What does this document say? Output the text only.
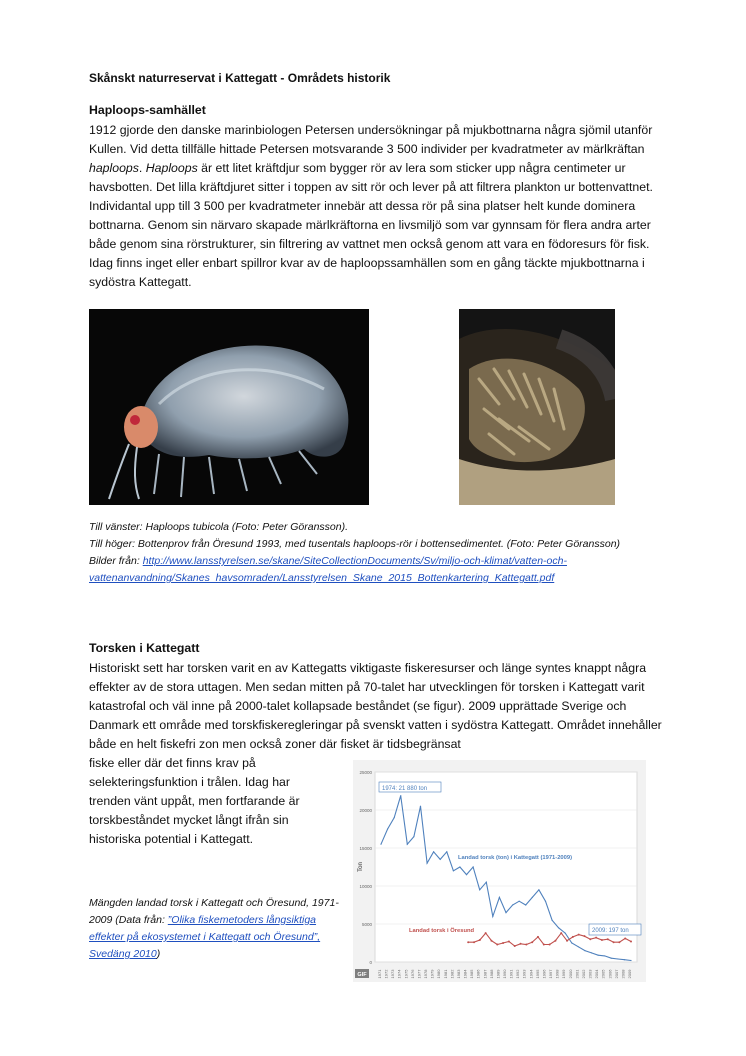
Skånskt naturreservat i Kattegatt - Områdets historik
Haploops-samhället

1912 gjorde den danske marinbiologen Petersen undersökningar på mjukbottnarna några sjömil utanför Kullen. Vid detta tillfälle hittade Petersen motsvarande 3 500 individer per kvadratmeter av märlkräftan haploops. Haploops är ett litet kräftdjur som bygger rör av lera som sticker upp några centimeter ur havsbotten. Det lilla kräftdjuret sitter i toppen av sitt rör och lever på att filtrera plankton ur bottenvattnet. Individantal upp till 3 500 per kvadratmeter innebär att dessa rör på sina platser helt kunde dominera bottnarna. Genom sin närvaro skapade märlkräftorna en livsmiljö som var gynnsam för flera andra arter både genom sina rörstrukturer, sin filtrering av vattnet men också genom att vara en födoresurs för fisk. Idag finns inget eller enbart spillror kvar av de haploopssamhällen som en gång täckte mjukbottnarna i sydöstra Kattegatt.

Till vänster: Haploops tubicola (Foto: Peter Göransson).
Till höger: Bottenprov från Öresund 1993, med tusentals haploops-rör i bottensedimentet. (Foto: Peter Göransson)
Bilder från: http://www.lansstyrelsen.se/skane/SiteCollectionDocuments/Sv/miljo-och-klimat/vatten-och-vattenanvandning/Skanes_havsomraden/Lansstyrelsen_Skane_2015_Bottenkartering_Kattegatt.pdf
Torsken i Kattegatt

Historiskt sett har torsken varit en av Kattegatts viktigaste fiskeresurser och länge syntes knappt några effekter av de stora uttagen. Men sedan mitten på 70-talet har utvecklingen för torsken i Kattegatt varit katastrofal och väl inne på 2000-talet kollapsade beståndet (se figur). 2009 upprättade Sverige och Danmark ett område med torskfiskeregleringar på svenskt vatten i sydöstra Kattegatt. Området innehåller både en helt fiskefri zon men också zoner där fisket är tidsbegränsat

fiske eller där det finns krav på selekteringsfunktion i trålen. Idag har trenden vänt uppåt, men fortfarande är torskbeståndet mycket långt ifrån sin historiska potential i Kattegatt.

Mängden landad torsk i Kattegatt och Öresund, 1971-2009 (Data från: ”Olika fiskemetoders långsiktiga effekter på ekosystemet i Kattegatt och Öresund”, Svedäng 2010)
0
5000
10000
15000
20000
25000
1971 1972 1973 1974 1975 1976 1977 1978 1979 1980 1981 1982 1983 1984 1985 1986 1987 1988 1989 1990 1991 1992 1993 1994 1995 1996 1997 1998 1999 2000 2001 2002 2003 2004 2005 2006 2007 2008 2009
Ton
1974: 21 880 ton
2009: 197 ton
Landad torsk (ton) i Kattegatt (1971-2009)
Landad torsk i Öresund
GIF
